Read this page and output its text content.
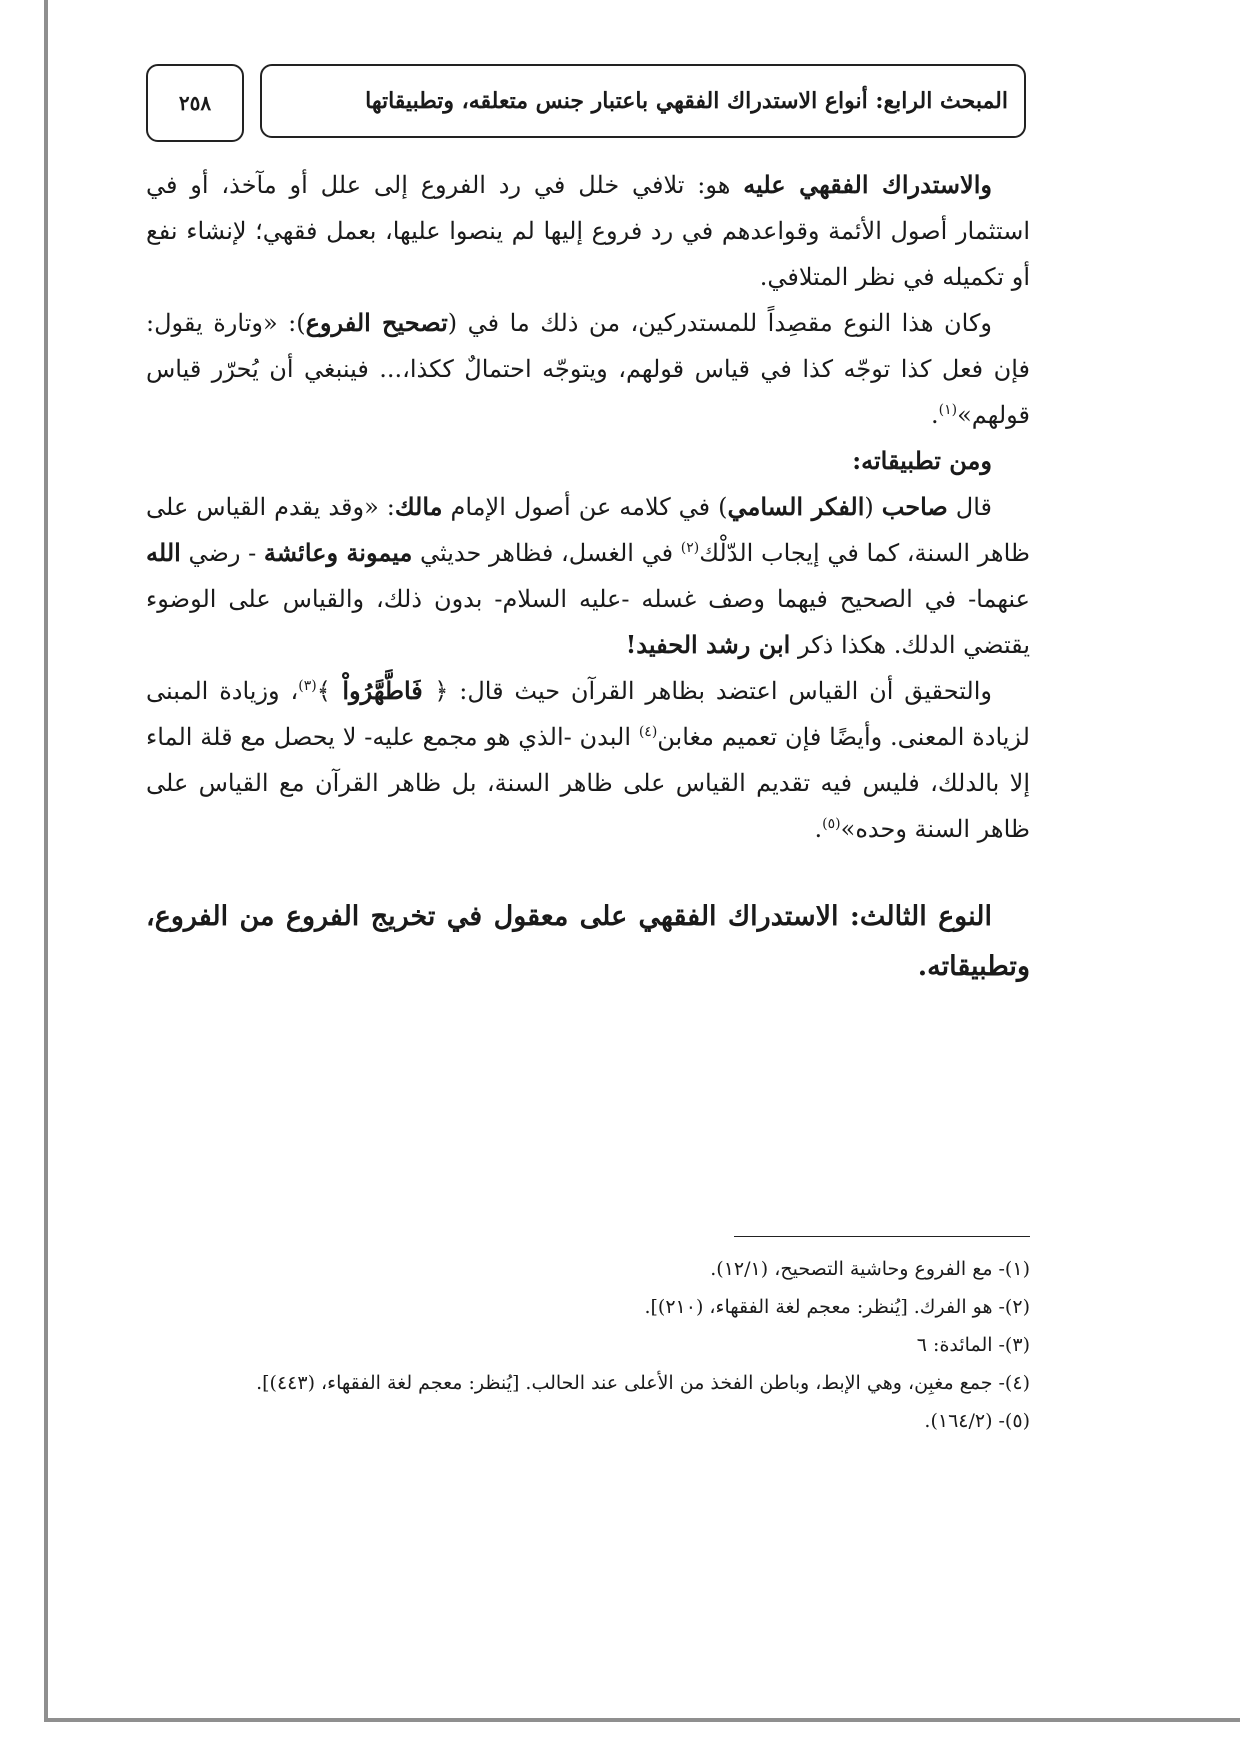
٢٥٨	المبحث الرابع: أنواع الاستدراك الفقهي باعتبار جنس متعلقه، وتطبيقاتها

والاستدراك الفقهي عليه هو: تلافي خلل في رد الفروع إلى علل أو مآخذ، أو في استثمار أصول الأئمة وقواعدهم في رد فروع إليها لم ينصوا عليها، بعمل فقهي؛ لإنشاء نفع أو تكميله في نظر المتلافي.

وكان هذا النوع مقصِداً للمستدركين، من ذلك ما في (تصحيح الفروع): «وتارة يقول: فإن فعل كذا توجّه كذا في قياس قولهم، ويتوجّه احتمالٌ ككذا،... فينبغي أن يُحرّر قياس قولهم»$^{(١)}$.

ومن تطبيقاته:

قال صاحب (الفكر السامي) في كلامه عن أصول الإمام مالك: «وقد يقدم القياس على ظاهر السنة، كما في إيجاب الدّلْك$^{(٢)}$ في الغسل، فظاهر حديثي ميمونة وعائشة - رضي الله عنهما- في الصحيح فيهما وصف غسله -عليه السلام- بدون ذلك، والقياس على الوضوء يقتضي الدلك. هكذا ذكر ابن رشد الحفيد!

والتحقيق أن القياس اعتضد بظاهر القرآن حيث قال: ﴿ فَاطَّهَّرُواْ ﴾$^{(٣)}$، وزيادة المبنى لزيادة المعنى. وأيضًا فإن تعميم مغابن$^{(٤)}$ البدن -الذي هو مجمع عليه- لا يحصل مع قلة الماء إلا بالدلك، فليس فيه تقديم القياس على ظاهر السنة، بل ظاهر القرآن مع القياس على ظاهر السنة وحده»$^{(٥)}$.

النوع الثالث: الاستدراك الفقهي على معقول في تخريج الفروع من الفروع، وتطبيقاته.

(١)-مع الفروع وحاشية التصحيح، (١٢/١).

(٢)-هو الفرك. [يُنظر: معجم لغة الفقهاء، (٢١٠)].

(٣)-المائدة: ٦

(٤)-جمع مغبِن، وهي الإبط، وباطن الفخذ من الأعلى عند الحالب. [يُنظر: معجم لغة الفقهاء، (٤٤٣)].

(٥)-(١٦٤/٢).
